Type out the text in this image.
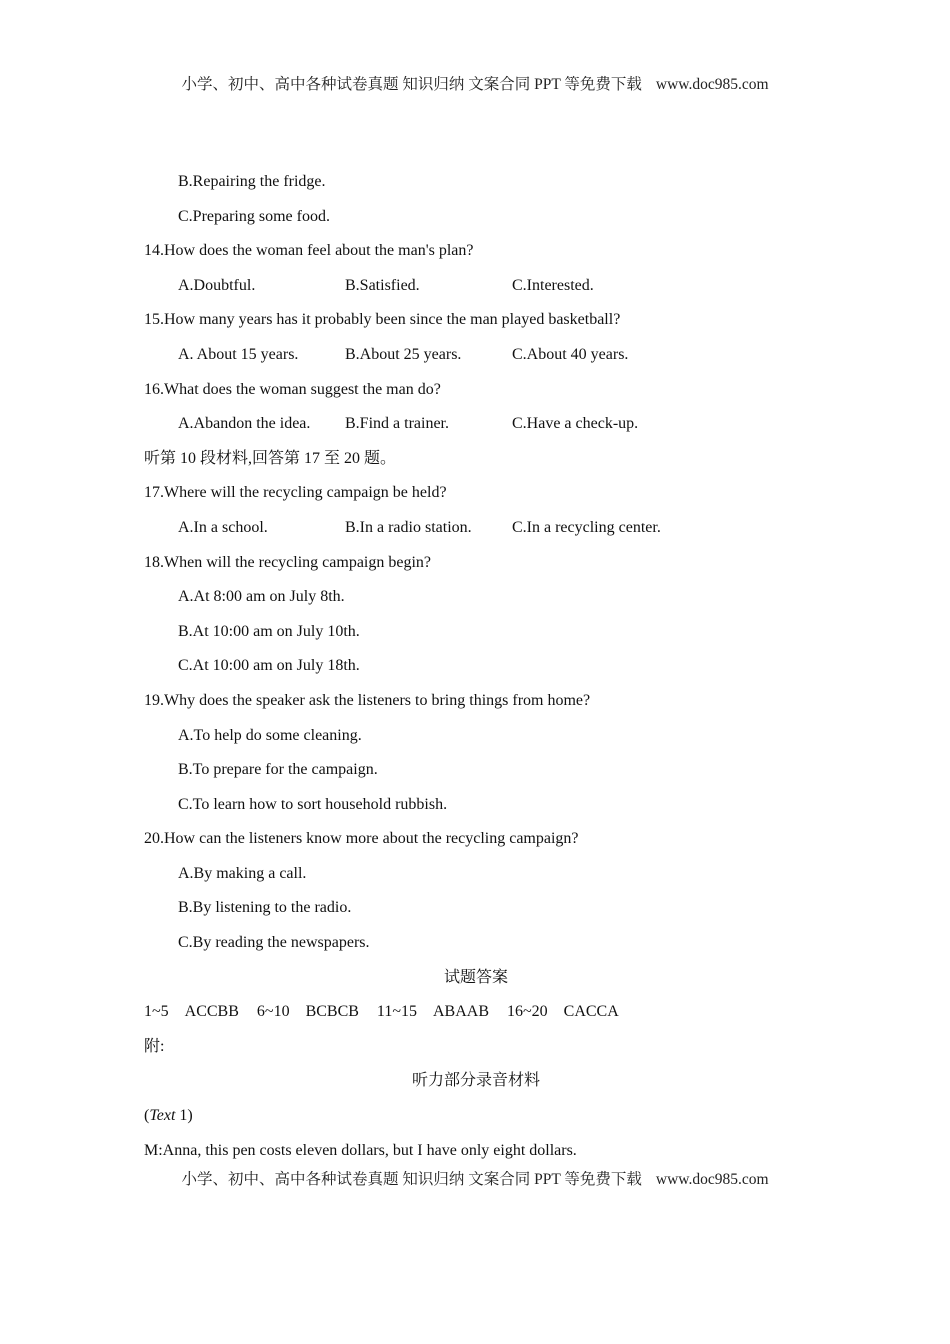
小学、初中、高中各种试卷真题 知识归纳 文案合同 PPT 等免费下载 www.doc985.com
B.Repairing the fridge.
C.Preparing some food.
14.How does the woman feel about the man's plan?
A.Doubtful.	B.Satisfied.	C.Interested.
15.How many years has it probably been since the man played basketball?
A. About 15 years.	B.About 25 years.	C.About 40 years.
16.What does the woman suggest the man do?
A.Abandon the idea. B.Find a trainer.	C.Have a check-up.
听第 10 段材料,回答第 17 至 20 题。
17.Where will the recycling campaign be held?
A.In a school.	B.In a radio station.	C.In a recycling center.
18.When will the recycling campaign begin?
A.At 8:00 am on July 8th.
B.At 10:00 am on July 10th.
C.At 10:00 am on July 18th.
19.Why does the speaker ask the listeners to bring things from home?
A.To help do some cleaning.
B.To prepare for the campaign.
C.To learn how to sort household rubbish.
20.How can the listeners know more about the recycling campaign?
A.By making a call.
B.By listening to the radio.
C.By reading the newspapers.
试题答案
1~5 ACCBB 6~10 BCBCB 11~15 ABAAB 16~20 CACCA
附:
听力部分录音材料
(Text 1)
M:Anna, this pen costs eleven dollars, but I have only eight dollars.
小学、初中、高中各种试卷真题 知识归纳 文案合同 PPT 等免费下载 www.doc985.com
